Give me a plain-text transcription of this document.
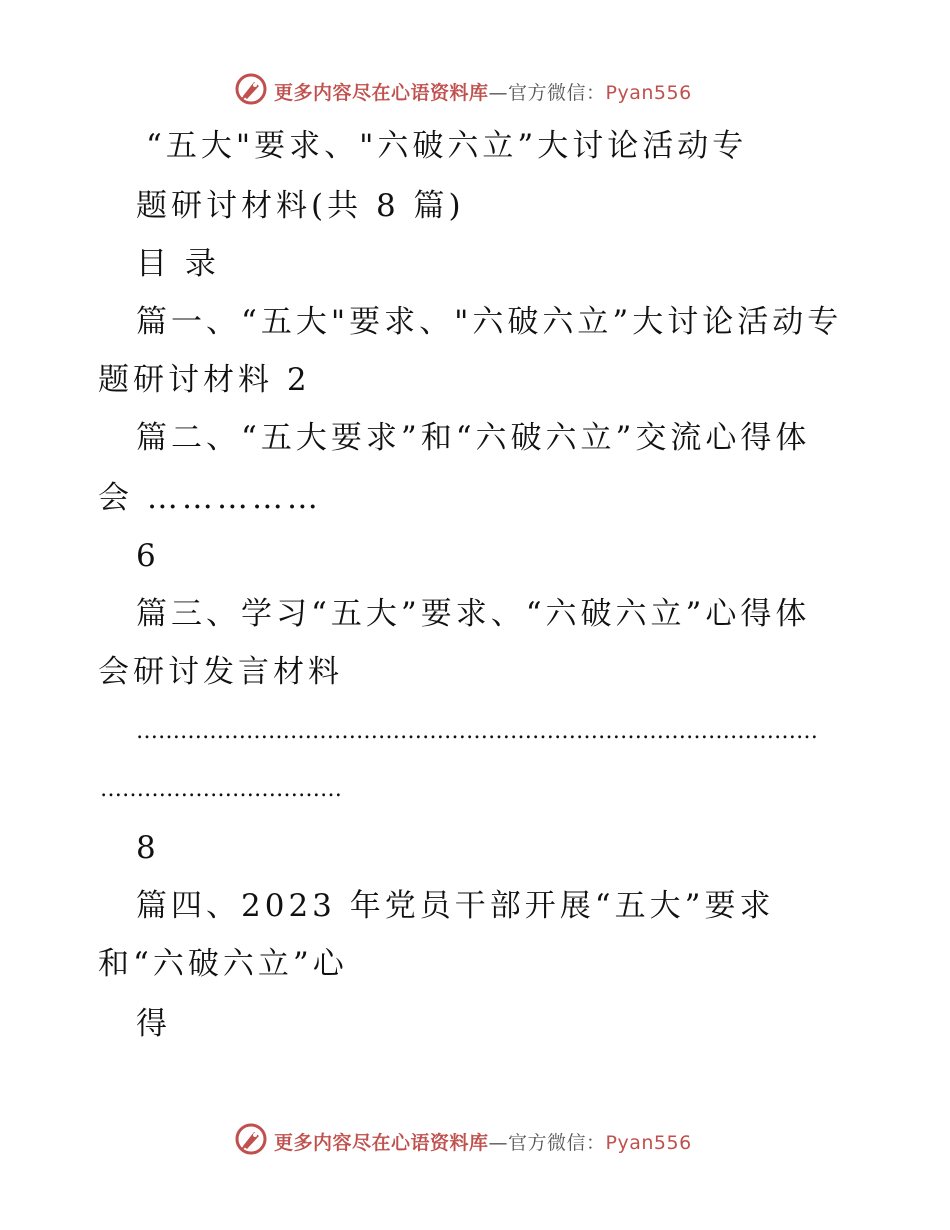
更多内容尽在心语资料库—官方微信：Pyan556
“五大"要求、"六破六立”大讨论活动专
题研讨材料(共 8 篇)
目 录
篇一、“五大"要求、"六破六立”大讨论活动专
题研讨材料 2
篇二、“五大要求”和“六破六立”交流心得体
会 ……………
6
篇三、学习“五大”要求、“六破六立”心得体
会研讨发言材料
…………………………………………………………………………………
……………………………
8
篇四、2023 年党员干部开展“五大”要求
和“六破六立”心
得
更多内容尽在心语资料库—官方微信：Pyan556
